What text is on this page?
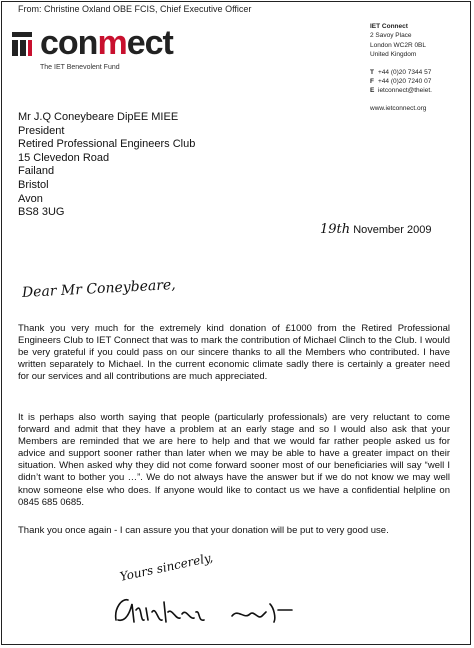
From: Christine Oxland OBE FCIS, Chief Executive Officer
conmect
The IET Benevolent Fund
IET Connect
2 Savoy Place
London WC2R 0BL
United Kingdom
T +44 (0)20 7344 57
F +44 (0)20 7240 07
E ietconnect@theiet.
www.ietconnect.org
Mr J.Q Coneybeare DipEE MIEE
President
Retired Professional Engineers Club
15 Clevedon Road
Failand
Bristol
Avon
BS8 3UG
19th November 2009
Dear Mr Coneybeare,

Thank you very much for the extremely kind donation of £1000 from the Retired Professional Engineers Club to IET Connect that was to mark the contribution of Michael Clinch to the Club. I would be very grateful if you could pass on our sincere thanks to all the Members who contributed. I have written separately to Michael. In the current economic climate sadly there is certainly a greater need for our services and all contributions are much appreciated.

It is perhaps also worth saying that people (particularly professionals) are very reluctant to come forward and admit that they have a problem at an early stage and so I would also ask that your Members are reminded that we are here to help and that we would far rather people asked us for advice and support sooner rather than later when we may be able to have a greater impact on their situation. When asked why they did not come forward sooner most of our beneficiaries will say “well I didn’t want to bother you …”. We do not always have the answer but if we do not know we may well know someone else who does. If anyone would like to contact us we have a confidential helpline on 0845 685 0685.

Thank you once again - I can assure you that your donation will be put to very good use.

Yours sincerely,
